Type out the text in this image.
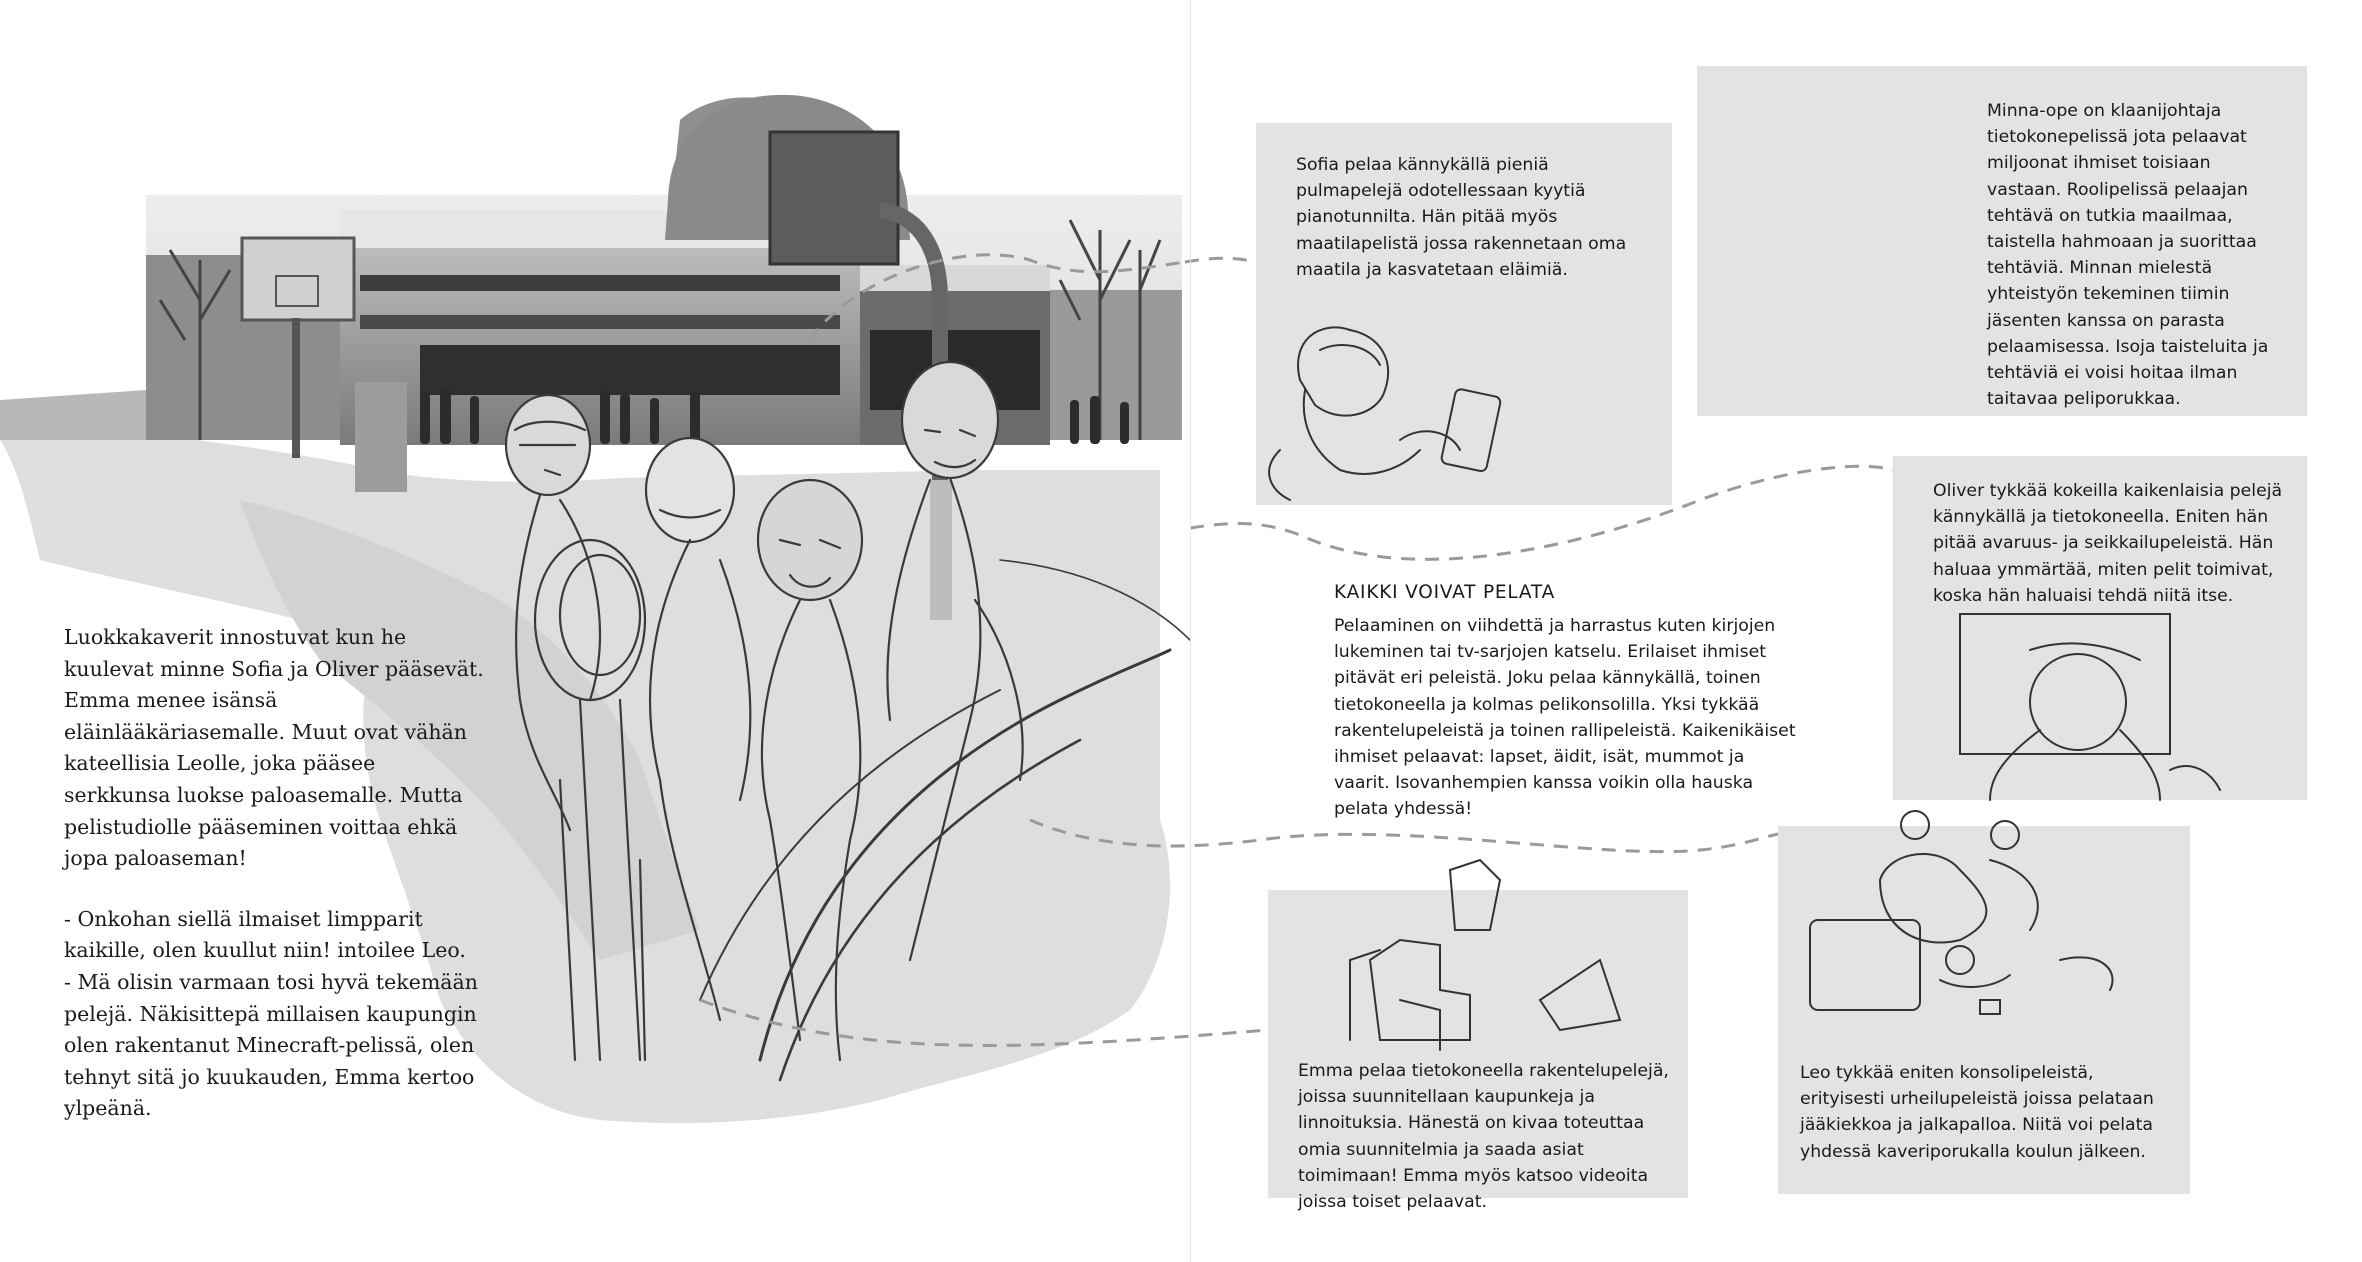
Luokkakaverit innostuvat kun he kuulevat minne Sofia ja Oliver pääsevät. Emma menee isänsä eläinlääkäriasemalle. Muut ovat vähän kateellisia Leolle, joka pääsee serkkunsa luokse paloasemalle. Mutta pelistudiolle pääseminen voittaa ehkä jopa paloaseman!

- Onkohan siellä ilmaiset limpparit kaikille, olen kuullut niin! intoilee Leo.
- Mä olisin varmaan tosi hyvä tekemään pelejä. Näkisittepä millaisen kaupungin olen rakentanut Minecraft-pelissä, olen tehnyt sitä jo kuukauden, Emma kertoo ylpeänä.

Sofia pelaa kännykällä pieniä pulmapelejä odotellessaan kyytiä pianotunnilta. Hän pitää myös maatilapelistä jossa rakennetaan oma maatila ja kasvatetaan eläimiä.

Minna-ope on klaanijohtaja tietokonepelissä jota pelaavat miljoonat ihmiset toisiaan vastaan. Roolipelissä pelaajan tehtävä on tutkia maailmaa, taistella hahmoaan ja suorittaa tehtäviä. Minnan mielestä yhteistyön tekeminen tiimin jäsenten kanssa on parasta pelaamisessa. Isoja taisteluita ja tehtäviä ei voisi hoitaa ilman taitavaa peliporukkaa.

Oliver tykkää kokeilla kaikenlaisia pelejä kännykällä ja tietokoneella. Eniten hän pitää avaruus- ja seikkailupeleistä. Hän haluaa ymmärtää, miten pelit toimivat, koska hän haluaisi tehdä niitä itse.

Emma pelaa tietokoneella rakentelupelejä, joissa suunnitellaan kaupunkeja ja linnoituksia. Hänestä on kivaa toteuttaa omia suunnitelmia ja saada asiat toimimaan! Emma myös katsoo videoita joissa toiset pelaavat.

Leo tykkää eniten konsolipeleistä, erityisesti urheilupeleistä joissa pelataan jääkiekkoa ja jalkapalloa. Niitä voi pelata yhdessä kaveriporukalla koulun jälkeen.

KAIKKI VOIVAT PELATA

Pelaaminen on viihdettä ja harrastus kuten kirjojen lukeminen tai tv-sarjojen katselu. Erilaiset ihmiset pitävät eri peleistä. Joku pelaa kännykällä, toinen tietokoneella ja kolmas pelikonsolilla. Yksi tykkää rakentelupeleistä ja toinen rallipeleistä. Kaikenikäiset ihmiset pelaavat: lapset, äidit, isät, mummot ja vaarit. Isovanhempien kanssa voikin olla hauska pelata yhdessä!
